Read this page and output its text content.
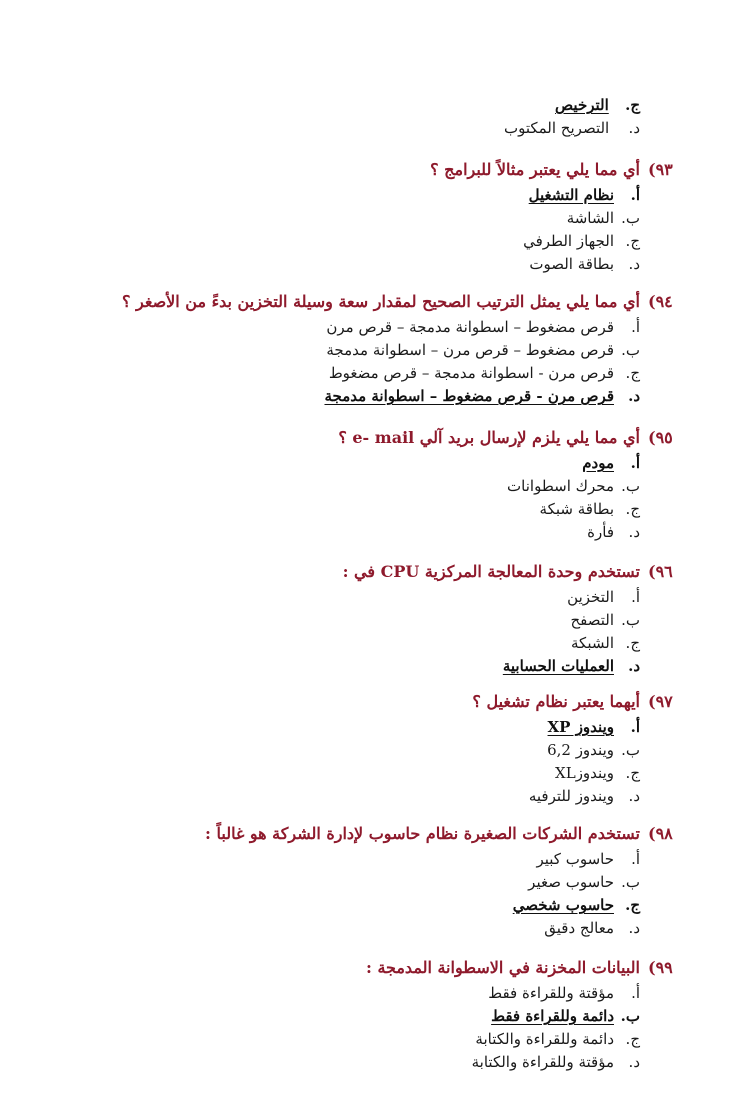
ج. الترخيص
د. التصريح المكتوب
٩٣)
أي مما يلي يعتبر مثالاً للبرامج ؟
أ.نظام التشغيل
ب.الشاشة
ج.الجهاز الطرفي
د.بطاقة الصوت
٩٤)
أي مما يلي يمثل الترتيب الصحيح لمقدار سعة وسيلة التخزين بدءً من الأصغر ؟
أ.قرص مضغوط – اسطوانة مدمجة – قرص مرن
ب.قرص مضغوط – قرص مرن – اسطوانة مدمجة
ج.قرص مرن - اسطوانة مدمجة – قرص مضغوط
د.قرص مرن - قرص مضغوط – اسطوانة مدمجة
٩٥)
أي مما يلي يلزم لإرسال بريد آلي e- mail ؟
أ.مودم
ب.محرك اسطوانات
ج.بطاقة شبكة
د.فأرة
٩٦)
تستخدم وحدة المعالجة المركزية CPU في :
أ.التخزين
ب.التصفح
ج.الشبكة
د.العمليات الحسابية
٩٧)
أيهما يعتبر نظام تشغيل ؟
أ.ويندوز XP
ب.ويندوز 6,2
ج.ويندوزXL
د.ويندوز للترفيه
٩٨)
تستخدم الشركات الصغيرة نظام حاسوب لإدارة الشركة هو غالباً :
أ.حاسوب كبير
ب.حاسوب صغير
ج.حاسوب شخصي
د.معالج دقيق
٩٩)
البيانات المخزنة في الاسطوانة المدمجة :
أ.مؤقتة وللقراءة فقط
ب.دائمة وللقراءة فقط
ج.دائمة وللقراءة والكتابة
د.مؤقتة وللقراءة والكتابة
